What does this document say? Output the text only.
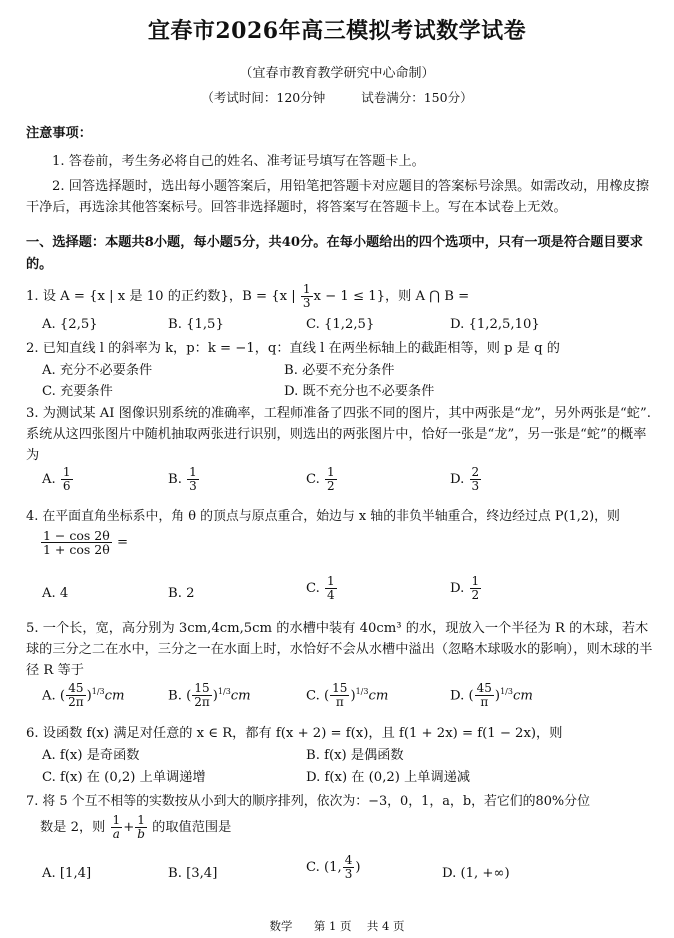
宜春市2026年高三模拟考试数学试卷
（宜春市教育教学研究中心命制）
（考试时间：120分钟	试卷满分：150分）
注意事项：
1. 答卷前，考生务必将自己的姓名、准考证号填写在答题卡上。
2. 回答选择题时，选出每小题答案后，用铅笔把答题卡对应题目的答案标号涂黑。如需改动，用橡皮擦干净后，再选涂其他答案标号。回答非选择题时，将答案写在答题卡上。写在本试卷上无效。
一、选择题：本题共8小题，每小题5分，共40分。在每小题给出的四个选项中，只有一项是符合题目要求的。
1. 设 A = {x | x 是 10 的正约数}，B = {x | $\frac{1}{3}$ x − 1 ≤ 1}，则 A ⋂ B =
A. {2,5}	B. {1,5}	C. {1,2,5}	D. {1,2,5,10}
2. 已知直线 l 的斜率为 k，p：k = −1，q：直线 l 在两坐标轴上的截距相等，则 p 是 q 的
A. 充分不必要条件	B. 必要不充分条件
C. 充要条件	D. 既不充分也不必要条件
3. 为测试某 AI 图像识别系统的准确率，工程师准备了四张不同的图片，其中两张是“龙”，另外两张是“蛇”.系统从这四张图片中随机抽取两张进行识别，则选出的两张图片中，恰好一张是“龙”，另一张是“蛇”的概率为
A. $\frac{1}{6}$	B. $\frac{1}{3}$	C. $\frac{1}{2}$	D. $\frac{2}{3}$
4. 在平面直角坐标系中，角 θ 的顶点与原点重合，始边与 x 轴的非负半轴重合，终边经过点 P(1,2)，则
$\frac{1 - \cos 2\theta}{1 + \cos 2\theta}$ =
A. 4	B. 2	C. $\frac{1}{4}$	D. $\frac{1}{2}$
5. 一个长，宽，高分别为 3cm,4cm,5cm 的水槽中装有 40cm³ 的水，现放入一个半径为 R 的木球，若木球的三分之二在水中，三分之一在水面上时，水恰好不会从水槽中溢出（忽略木球吸水的影响），则木球的半径 R 等于
A. ( $\frac{45}{2\pi} )^{1/3}cm$	B. ( $\frac{15}{2\pi} )^{1/3}cm$	C. ( $\frac{15}{\pi} )^{1/3}cm$	D. ( $\frac{45}{\pi} )^{1/3}cm$
6. 设函数 f(x) 满足对任意的 x ∈ R，都有 f(x + 2) = f(x)，且 f(1 + 2x) = f(1 − 2x)，则
A. f(x) 是奇函数	B. f(x) 是偶函数
C. f(x) 在 (0,2) 上单调递增	D. f(x) 在 (0,2) 上单调递减
7. 将 5 个互不相等的实数按从小到大的顺序排列，依次为：−3，0，1，a，b，若它们的80%分位
数是 2，则 $\frac{1}{a} + \frac{1}{b}$ 的取值范围是
A. [1,4]	B. [3,4]	C. (1, $\frac{4}{3}$ )	D. (1, +∞)
数学 第 1 页 共 4 页
